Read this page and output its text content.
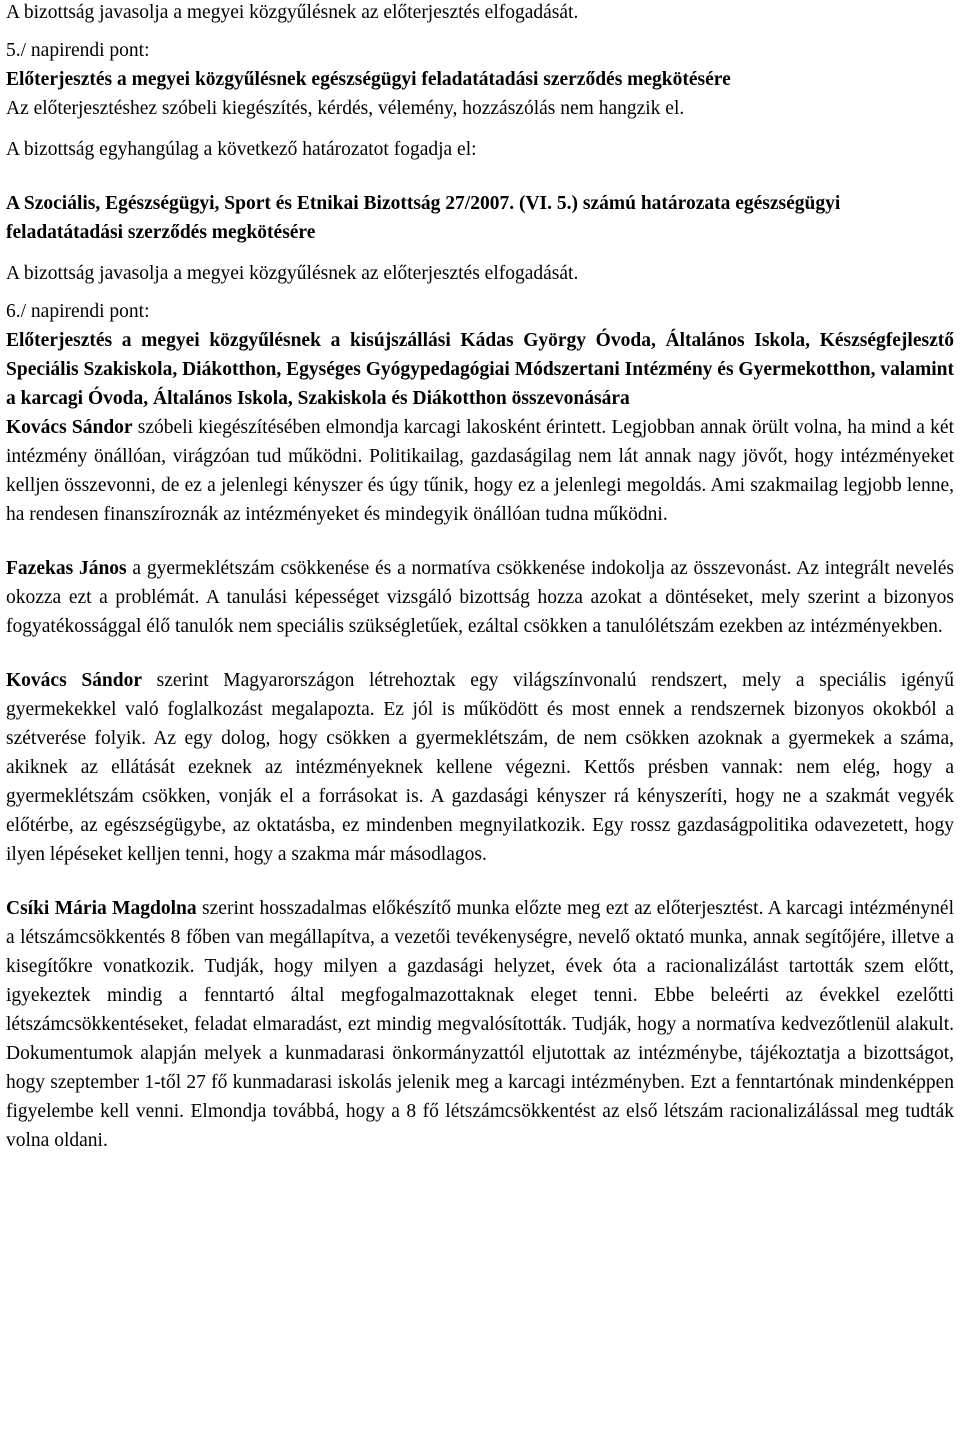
A bizottság javasolja a megyei közgyűlésnek az előterjesztés elfogadását.

5./ napirendi pont:

Előterjesztés a megyei közgyűlésnek egészségügyi feladatátadási szerződés megkötésére

Az előterjesztéshez szóbeli kiegészítés, kérdés, vélemény, hozzászólás nem hangzik el.

A bizottság egyhangúlag a következő határozatot fogadja el:

A Szociális, Egészségügyi, Sport és Etnikai Bizottság 27/2007. (VI. 5.) számú határozata egészségügyi feladatátadási szerződés megkötésére

A bizottság javasolja a megyei közgyűlésnek az előterjesztés elfogadását.

6./ napirendi pont:

Előterjesztés a megyei közgyűlésnek a kisújszállási Kádas György Óvoda, Általános Iskola, Készségfejlesztő Speciális Szakiskola, Diákotthon, Egységes Gyógypedagógiai Módszertani Intézmény és Gyermekotthon, valamint a karcagi Óvoda, Általános Iskola, Szakiskola és Diákotthon összevonására

Kovács Sándor szóbeli kiegészítésében elmondja karcagi lakosként érintett. Legjobban annak örült volna, ha mind a két intézmény önállóan, virágzóan tud működni. Politikailag, gazdaságilag nem lát annak nagy jövőt, hogy intézményeket kelljen összevonni, de ez a jelenlegi kényszer és úgy tűnik, hogy ez a jelenlegi megoldás. Ami szakmailag legjobb lenne, ha rendesen finanszíroznák az intézményeket és mindegyik önállóan tudna működni.

Fazekas János a gyermeklétszám csökkenése és a normatíva csökkenése indokolja az összevonást. Az integrált nevelés okozza ezt a problémát. A tanulási képességet vizsgáló bizottság hozza azokat a döntéseket, mely szerint a bizonyos fogyatékossággal élő tanulók nem speciális szükségletűek, ezáltal csökken a tanulólétszám ezekben az intézményekben.

Kovács Sándor szerint Magyarországon létrehoztak egy világszínvonalú rendszert, mely a speciális igényű gyermekekkel való foglalkozást megalapozta. Ez jól is működött és most ennek a rendszernek bizonyos okokból a szétverése folyik. Az egy dolog, hogy csökken a gyermeklétszám, de nem csökken azoknak a gyermekek a száma, akiknek az ellátását ezeknek az intézményeknek kellene végezni. Kettős présben vannak: nem elég, hogy a gyermeklétszám csökken, vonják el a forrásokat is. A gazdasági kényszer rá kényszeríti, hogy ne a szakmát vegyék előtérbe, az egészségügybe, az oktatásba, ez mindenben megnyilatkozik. Egy rossz gazdaságpolitika odavezetett, hogy ilyen lépéseket kelljen tenni, hogy a szakma már másodlagos.

Csíki Mária Magdolna szerint hosszadalmas előkészítő munka előzte meg ezt az előterjesztést. A karcagi intézménynél a létszámcsökkentés 8 főben van megállapítva, a vezetői tevékenységre, nevelő oktató munka, annak segítőjére, illetve a kisegítőkre vonatkozik. Tudják, hogy milyen a gazdasági helyzet, évek óta a racionalizálást tartották szem előtt, igyekeztek mindig a fenntartó által megfogalmazottaknak eleget tenni. Ebbe beleérti az évekkel ezelőtti létszámcsökkentéseket, feladat elmaradást, ezt mindig megvalósították. Tudják, hogy a normatíva kedvezőtlenül alakult. Dokumentumok alapján melyek a kunmadarasi önkormányzattól eljutottak az intézménybe, tájékoztatja a bizottságot, hogy szeptember 1-től 27 fő kunmadarasi iskolás jelenik meg a karcagi intézményben. Ezt a fenntartónak mindenképpen figyelembe kell venni. Elmondja továbbá, hogy a 8 fő létszámcsökkentést az első létszám racionalizálással meg tudták volna oldani.
